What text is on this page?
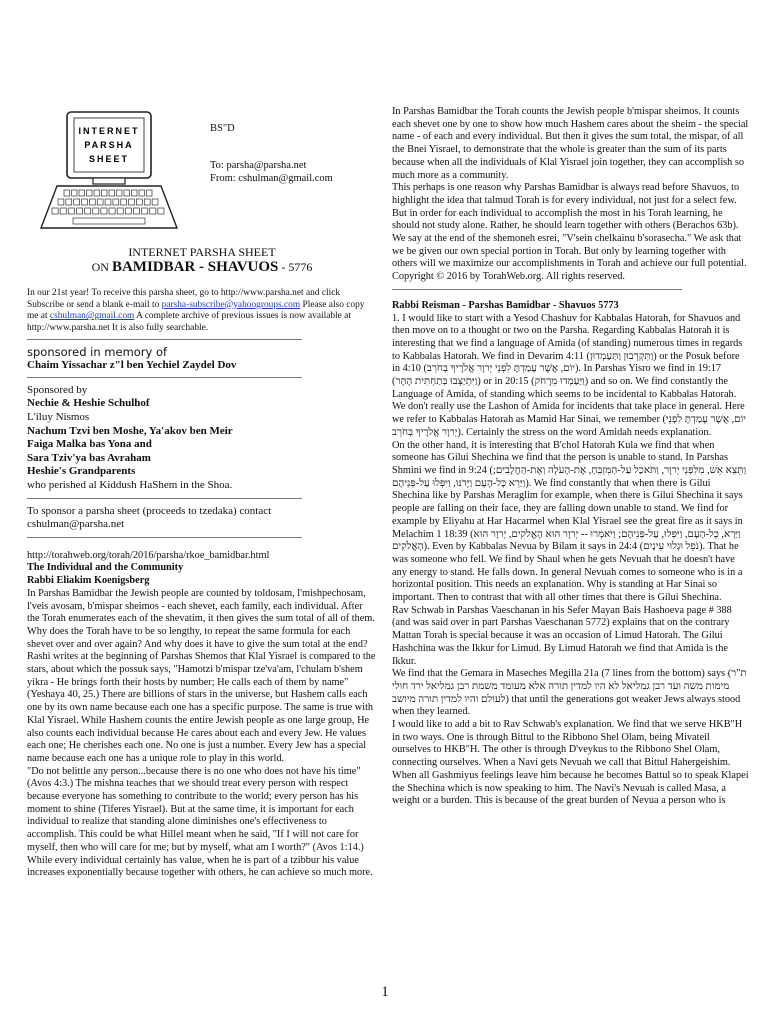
INTERNET
PARSHA
SHEET
BS"D
To: parsha@parsha.net
From: cshulman@gmail.com
INTERNET PARSHA SHEET
ON BAMIDBAR - SHAVUOS - 5776

In our 21st year! To receive this parsha sheet, go to http://www.parsha.net and click Subscribe or send a blank e-mail to parsha-subscribe@yahoogroups.com Please also copy me at cshulman@gmail.com A complete archive of previous issues is now available at http://www.parsha.net It is also fully searchable.

sponsored in memory of
Chaim Yissachar z"l ben Yechiel Zaydel Dov
Sponsored by
Nechie & Heshie Schulhof
L'iluy Nismos
Nachum Tzvi ben Moshe, Ya'akov ben Meir
Faiga Malka bas Yona and
Sara Tziv'ya bas Avraham
Heshie's Grandparents
who perished al Kiddush HaShem in the Shoa.
To sponsor a parsha sheet (proceeds to tzedaka) contact
cshulman@parsha.net
http://torahweb.org/torah/2016/parsha/rkoe_bamidbar.html
The Individual and the Community
Rabbi Eliakim Koenigsberg

In Parshas Bamidbar the Jewish people are counted by toldosam, l'mishpechosam, l'veis avosam, b'mispar sheimos - each shevet, each family, each individual. After the Torah enumerates each of the shevatim, it then gives the sum total of all of them. Why does the Torah have to be so lengthy, to repeat the same formula for each shevet over and over again? And why does it have to give the sum total at the end?

Rashi writes at the beginning of Parshas Shemos that Klal Yisrael is compared to the stars, about which the possuk says, "Hamotzi b'mispar tze'va'am, l'chulam b'shem yikra - He brings forth their hosts by number; He calls each of them by name" (Yeshaya 40, 25.) There are billions of stars in the universe, but Hashem calls each one by its own name because each one has a specific purpose. The same is true with Klal Yisrael. While Hashem counts the entire Jewish people as one large group, He also counts each individual because He cares about each and every Jew. He values each one; He cherishes each one. No one is just a number. Every Jew has a special name because each one has a unique role to play in this world.

"Do not belittle any person...because there is no one who does not have his time" (Avos 4:3.) The mishna teaches that we should treat every person with respect because everyone has something to contribute to the world; every person has his moment to shine (Tiferes Yisrael). But at the same time, it is important for each individual to realize that standing alone diminishes one's effectiveness to accomplish. This could be what Hillel meant when he said, "If I will not care for myself, then who will care for me; but by myself, what am I worth?" (Avos 1:14.) While every individual certainly has value, when he is part of a tzibbur his value increases exponentially because together with others, he can achieve so much more.

In Parshas Bamidbar the Torah counts the Jewish people b'mispar sheimos. It counts each shevet one by one to show how much Hashem cares about the sheim - the special name - of each and every individual. But then it gives the sum total, the mispar, of all the Bnei Yisrael, to demonstrate that the whole is greater than the sum of its parts because when all the individuals of Klal Yisrael join together, they can accomplish so much more as a community.

This perhaps is one reason why Parshas Bamidbar is always read before Shavuos, to highlight the idea that talmud Torah is for every individual, not just for a select few. But in order for each individual to accomplish the most in his Torah learning, he should not study alone. Rather, he should learn together with others (Berachos 63b).

We say at the end of the shemoneh esrei, "V'sein chelkainu b'sorasecha." We ask that we be given our own special portion in Torah. But only by learning together with others will we maximize our accomplishments in Torah and achieve our full potential.

Copyright © 2016 by TorahWeb.org. All rights reserved.

Rabbi Reisman - Parshas Bamidbar - Shavuos 5773

1. I would like to start with a Yesod Chashuv for Kabbalas Hatorah, for Shavuos and then move on to a thought or two on the Parsha. Regarding Kabbalas Hatorah it is interesting that we find a language of Amida (of standing) numerous times in regards to Kabbalas Hatorah. We find in Devarim 4:11 (וַתִּקְרְבוּן וַתַּעַמְדוּן) or the Posuk before in 4:10 (יוֹם, אֲשֶׁר עָמַדְתָּ לִפְנֵי יְרוָר אֱלֹרֶיךָ בְּחֹרֵב). In Parshas Yisro we find in 19:17 (וַיִּתְיַצְּבוּ בְּתַחְתִּית הָהָר) or in 20:15 (וַיַּעַמְדוּ מֵרָחֹק) and so on. We find constantly the Language of Amida, of standing which seems to be incidental to Kabbalas Hatorah. We don't really use the Lashon of Amida for incidents that take place in general. Here we refer to Kabbalas Hatorah as Mamid Har Sinai, we remember (יוֹם, אֲשֶׁר עָמַדְתָּ לִפְנֵי יְרוָר אֱלֹרֶיךָ בְּחֹרֵב). Certainly the stress on the word Amidah needs explanation.

On the other hand, it is interesting that B'chol Hatorah Kula we find that when someone has Gilui Shechina we find that the person is unable to stand. In Parshas Shmini we find in 9:24 (וַתֵּצֵא אֵשׁ, מִלִּפְנֵי יְרוָר, וַתֹּאכַל עַל-הַמִּזְבֵּחַ, אֶת-הָעֹלָה וְאֶת-הַחֲלָבִים; וַיַּרְא כָּל-הָעָם וַיָּרֹנּוּ, וַיִּפְּלוּ עַל-פְּנֵיהֶם). We find constantly that when there is Gilui Shechina like by Parshas Meraglim for example, when there is Gilui Shechina it says people are falling on their face, they are falling down unable to stand. We find for example by Eliyahu at Har Hacarmel when Klal Yisrael see the great fire as it says in Melachim 1 18:39 (וַיַּרְא, כָּל-הָעָם, וַיִּפְּלוּ, עַל-פְּנֵיהֶם; וַיֹּאמְרוּ -- יְרוָר הוּא הָאֱלֹקִים, יְרוָר הוּא הָאֱלֹקִים). Even by Kabbalas Nevua by Bilam it says in 24:4 (נֹפֵל וּגְלוּי עֵינָיִם). That he was someone who fell. We find by Shaul when he gets Nevuah that he doesn't have any energy to stand. He falls down. In general Nevuah comes to someone who is in a horizontal position. This needs an explanation. Why is standing at Har Sinai so important. Then to contrast that with all other times that there is Gilui Shechina.

Rav Schwab in Parshas Vaeschanan in his Sefer Mayan Bais Hashoeva page # 388 (and was said over in part Parshas Vaeschanan 5772) explains that on the contrary Mattan Torah is special because it was an occasion of Limud Hatorah. The Gilui Hashchina was the Ikkur for Limud. By Limud Hatorah we find that Amida is the Ikkur.

We find that the Gemara in Maseches Megilla 21a (7 lines from the bottom) says (ת"ר מימות משה ועד רבן גמליאל לא היו למדין תורה אלא מעומד משמת רבן גמליאל ירד חולי לעולם והיו למדין תורה מיושב) that until the generations got weaker Jews always stood when they learned.

I would like to add a bit to Rav Schwab's explanation. We find that we serve HKB"H in two ways. One is through Bittul to the Ribbono Shel Olam, being Mivateil ourselves to HKB"H. The other is through D'veykus to the Ribbono Shel Olam, connecting ourselves. When a Navi gets Nevuah we call that Bittul Hahergeishim. When all Gashmiyus feelings leave him because he becomes Battul so to speak Klapei the Shechina which is now speaking to him. The Navi's Nevuah is called Masa, a weight or a burden. This is because of the great burden of Nevua a person who is

1
